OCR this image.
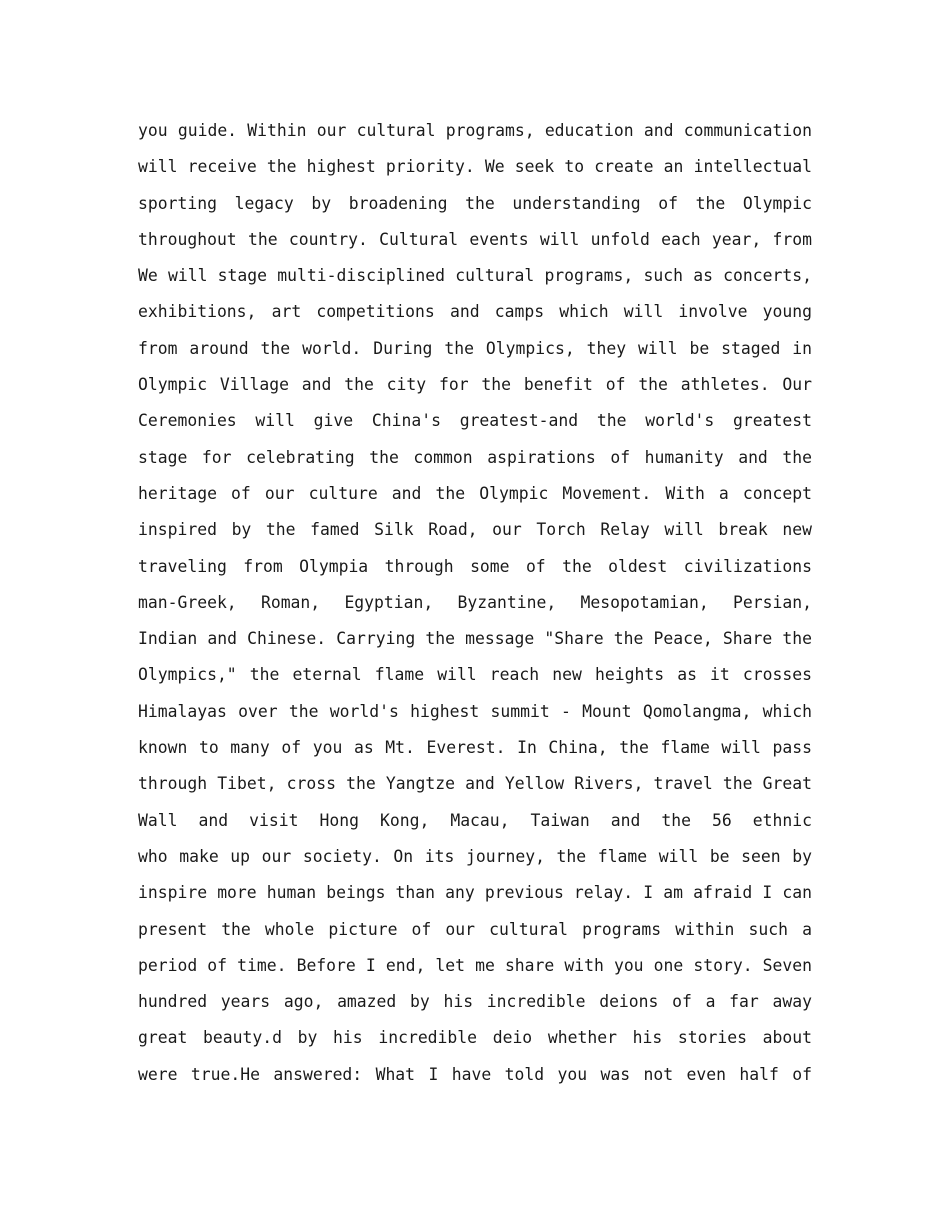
you guide. Within our cultural programs, education and communication
will receive the highest priority. We seek to create an intellectual
sporting legacy by broadening the understanding of the Olympic
throughout the country. Cultural events will unfold each year, from
We will stage multi-disciplined cultural programs, such as concerts,
exhibitions, art competitions and camps which will involve young
from around the world. During the Olympics, they will be staged in
Olympic Village and the city for the benefit of the athletes. Our
Ceremonies will give China's greatest-and the world's greatest
stage for celebrating the common aspirations of humanity and the
heritage of our culture and the Olympic Movement. With a concept
inspired by the famed Silk Road, our Torch Relay will break new
traveling from Olympia through some of the oldest civilizations
man-Greek, Roman, Egyptian, Byzantine, Mesopotamian, Persian,
Indian and Chinese. Carrying the message "Share the Peace, Share the
Olympics," the eternal flame will reach new heights as it crosses
Himalayas over the world's highest summit - Mount Qomolangma, which
known to many of you as Mt. Everest. In China, the flame will pass
through Tibet, cross the Yangtze and Yellow Rivers, travel the Great
Wall and visit Hong Kong, Macau, Taiwan and the 56 ethnic
who make up our society. On its journey, the flame will be seen by
inspire more human beings than any previous relay. I am afraid I can
present the whole picture of our cultural programs within such a
period of time. Before I end, let me share with you one story. Seven
hundred years ago, amazed by his incredible deions of a far away
great beauty.d by his incredible deio whether his stories about
were true.He answered: What I have told you was not even half of
